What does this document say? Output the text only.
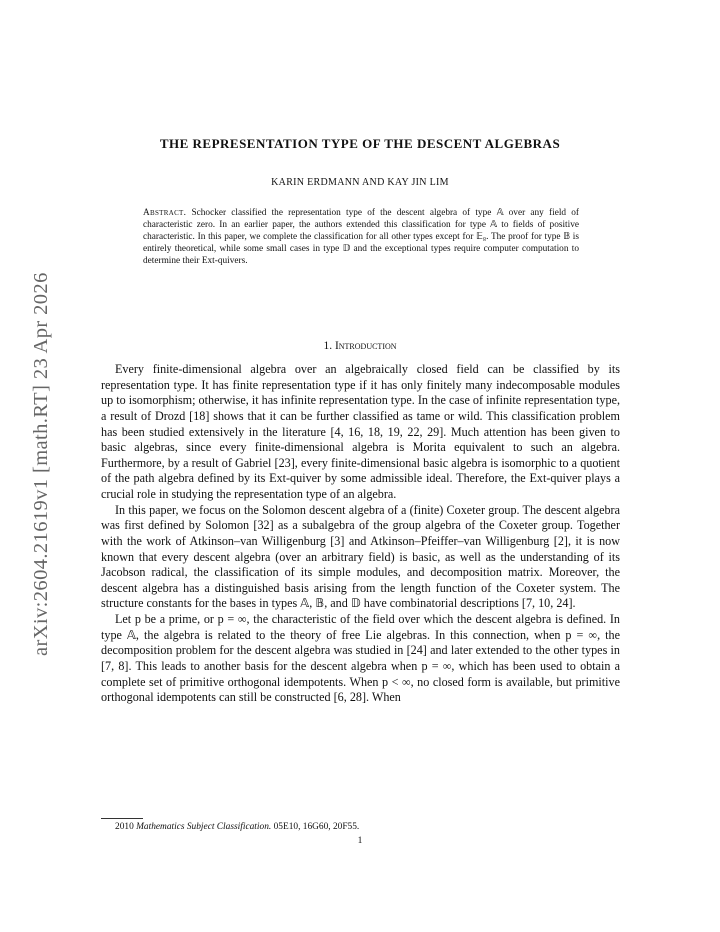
arXiv:2604.21619v1 [math.RT] 23 Apr 2026
THE REPRESENTATION TYPE OF THE DESCENT ALGEBRAS
KARIN ERDMANN AND KAY JIN LIM
Abstract. Schocker classified the representation type of the descent algebra of type 𝔸 over any field of characteristic zero. In an earlier paper, the authors extended this classification for type 𝔸 to fields of positive characteristic. In this paper, we complete the classification for all other types except for 𝔼₈. The proof for type 𝔹 is entirely theoretical, while some small cases in type 𝔻 and the exceptional types require computer computation to determine their Ext-quivers.
1. Introduction

Every finite-dimensional algebra over an algebraically closed field can be classified by its representation type. It has finite representation type if it has only finitely many indecomposable modules up to isomorphism; otherwise, it has infinite representation type. In the case of infinite representation type, a result of Drozd [18] shows that it can be further classified as tame or wild. This classification problem has been studied extensively in the literature [4, 16, 18, 19, 22, 29]. Much attention has been given to basic algebras, since every finite-dimensional algebra is Morita equivalent to such an algebra. Furthermore, by a result of Gabriel [23], every finite-dimensional basic algebra is isomorphic to a quotient of the path algebra defined by its Ext-quiver by some admissible ideal. Therefore, the Ext-quiver plays a crucial role in studying the representation type of an algebra.

In this paper, we focus on the Solomon descent algebra of a (finite) Coxeter group. The descent algebra was first defined by Solomon [32] as a subalgebra of the group algebra of the Coxeter group. Together with the work of Atkinson–van Willigenburg [3] and Atkinson–Pfeiffer–van Willigenburg [2], it is now known that every descent algebra (over an arbitrary field) is basic, as well as the understanding of its Jacobson radical, the classification of its simple modules, and decomposition matrix. Moreover, the descent algebra has a distinguished basis arising from the length function of the Coxeter system. The structure constants for the bases in types 𝔸, 𝔹, and 𝔻 have combinatorial descriptions [7, 10, 24].

Let p be a prime, or p = ∞, the characteristic of the field over which the descent algebra is defined. In type 𝔸, the algebra is related to the theory of free Lie algebras. In this connection, when p = ∞, the decomposition problem for the descent algebra was studied in [24] and later extended to the other types in [7, 8]. This leads to another basis for the descent algebra when p = ∞, which has been used to obtain a complete set of primitive orthogonal idempotents. When p < ∞, no closed form is available, but primitive orthogonal idempotents can still be constructed [6, 28]. When

2010 Mathematics Subject Classification. 05E10, 16G60, 20F55.
1
